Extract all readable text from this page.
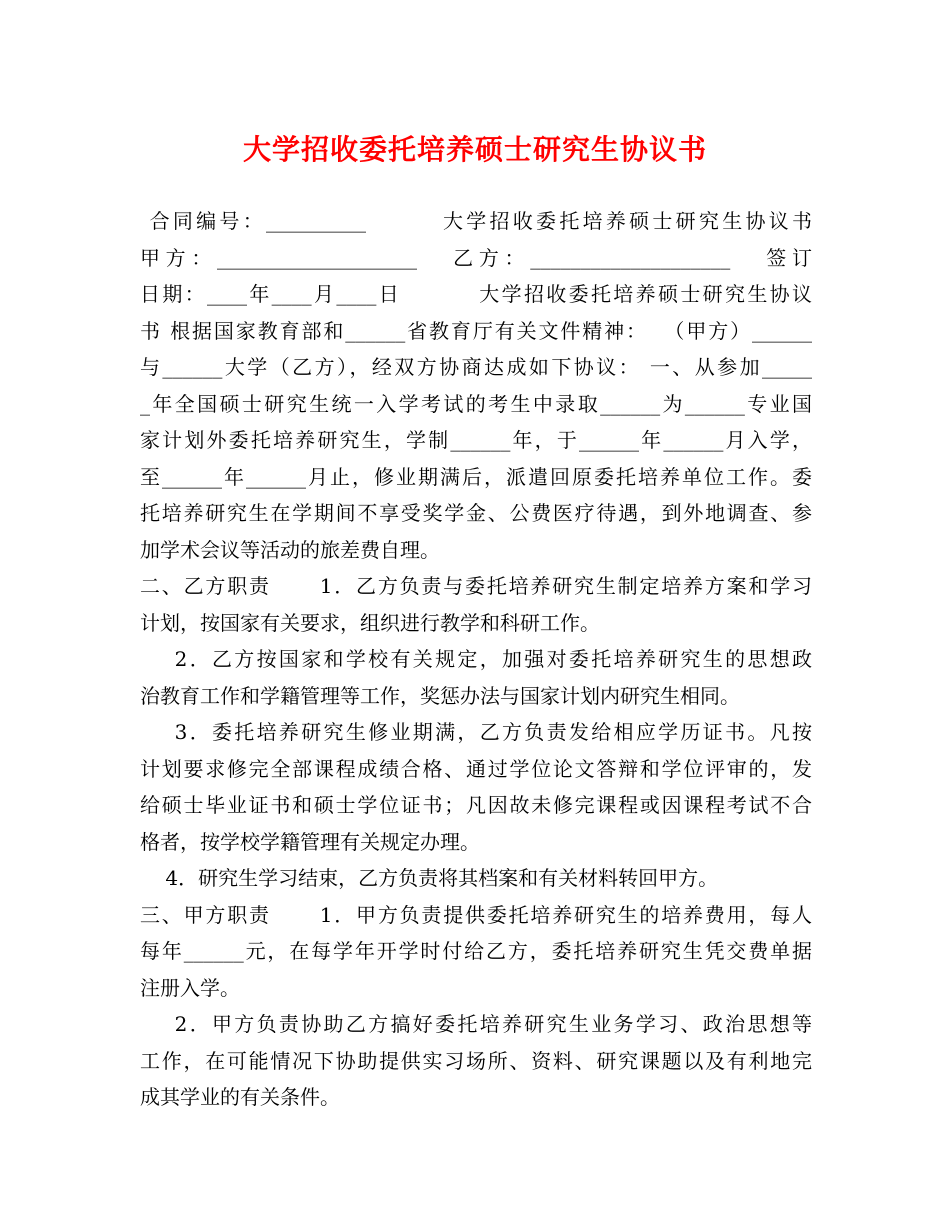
大学招收委托培养硕士研究生协议书
合同编号：__________        大学招收委托培养硕士研究生协议书
甲方：____________________   乙方：____________________   签订
日期：____年____月____日         大学招收委托培养硕士研究生协议
书 根据国家教育部和______省教育厅有关文件精神：  （甲方）______
与______大学（乙方），经双方协商达成如下协议： 一、从参加_____
_年全国硕士研究生统一入学考试的考生中录取______为______专业国
家计划外委托培养研究生，学制______年，于______年______月入学，
至______年______月止，修业期满后，派遣回原委托培养单位工作。委
托培养研究生在学期间不享受奖学金、公费医疗待遇，到外地调查、参
加学术会议等活动的旅差费自理。
二、乙方职责      1．乙方负责与委托培养研究生制定培养方案和学习
计划，按国家有关要求，组织进行教学和科研工作。
2．乙方按国家和学校有关规定，加强对委托培养研究生的思想政
治教育工作和学籍管理等工作，奖惩办法与国家计划内研究生相同。
3．委托培养研究生修业期满，乙方负责发给相应学历证书。凡按
计划要求修完全部课程成绩合格、通过学位论文答辩和学位评审的，发
给硕士毕业证书和硕士学位证书；凡因故未修完课程或因课程考试不合
格者，按学校学籍管理有关规定办理。
4．研究生学习结束，乙方负责将其档案和有关材料转回甲方。
三、甲方职责      1．甲方负责提供委托培养研究生的培养费用，每人
每年______元，在每学年开学时付给乙方，委托培养研究生凭交费单据
注册入学。
2．甲方负责协助乙方搞好委托培养研究生业务学习、政治思想等
工作，在可能情况下协助提供实习场所、资料、研究课题以及有利地完
成其学业的有关条件。
